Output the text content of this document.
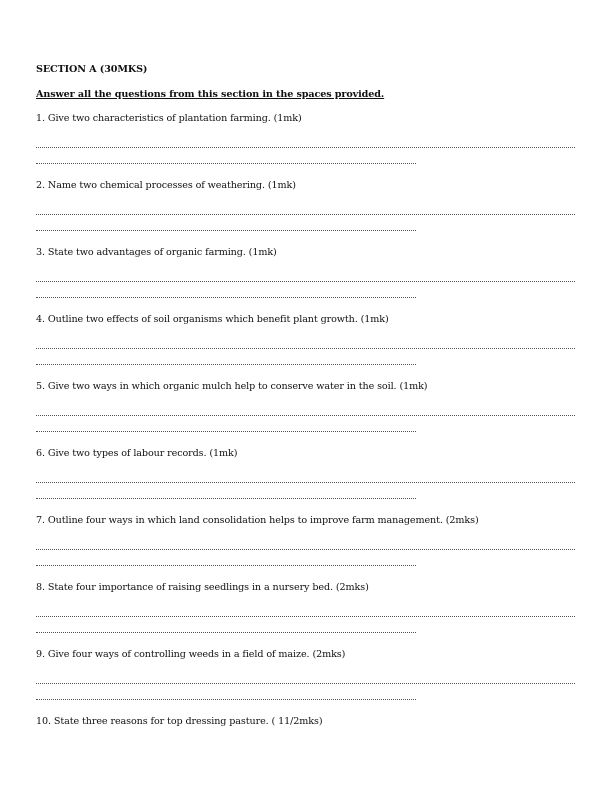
SECTION A (30MKS)
Answer all the questions from this section in the spaces provided.
1. Give two characteristics of plantation farming. (1mk)
2. Name two chemical processes of weathering. (1mk)
3. State two advantages of organic farming. (1mk)
4. Outline two effects of soil organisms which benefit plant growth. (1mk)
5. Give two ways in which organic mulch help to conserve water in the soil. (1mk)
6. Give two types of labour records. (1mk)
7. Outline four ways in which land consolidation helps to improve farm management. (2mks)
8. State four importance of raising seedlings in a nursery bed. (2mks)
9. Give four ways of controlling weeds in a field of maize. (2mks)
10. State three reasons for top dressing pasture. ( 11/2mks)
